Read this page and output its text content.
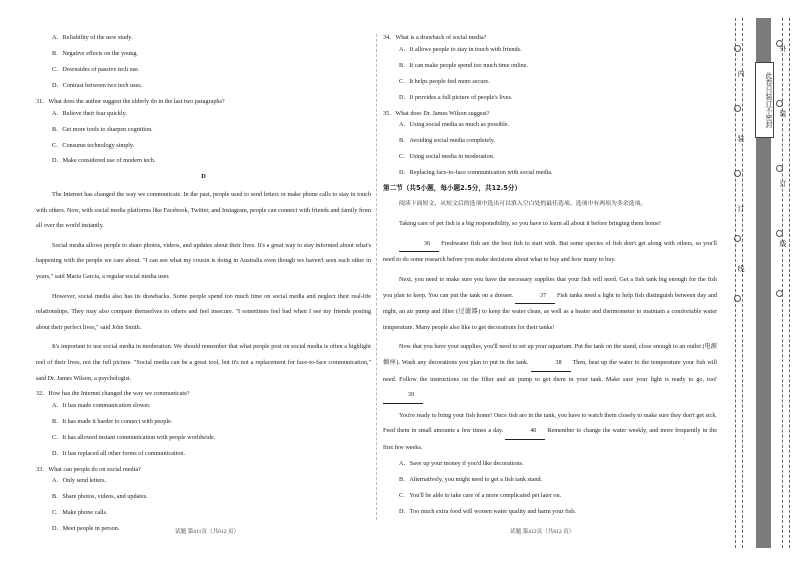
A．Reliability of the new study.
B．Negative effects on the young.
C．Downsides of passive tech use.
D．Contrast between two tech uses.
31．What does the author suggest the elderly do in the last two paragraphs?
A．Relieve their fear quickly.
B．Get more tools to sharpen cognition.
C．Consume technology simply.
D．Make considered use of modern tech.
D
The Internet has changed the way we communicate. In the past, people used to send letters or make phone calls to stay in touch with others. Now, with social media platforms like Facebook, Twitter, and Instagram, people can connect with friends and family from all over the world instantly.
Social media allows people to share photos, videos, and updates about their lives. It's a great way to stay informed about what's happening with the people we care about. "I can see what my cousin is doing in Australia even though we haven't seen each other in years," said Maria Garcia, a regular social media user.
However, social media also has its drawbacks. Some people spend too much time on social media and neglect their real-life relationships. They may also compare themselves to others and feel insecure. "I sometimes feel bad when I see my friends posting about their perfect lives," said John Smith.
It's important to use social media in moderation. We should remember that what people post on social media is often a highlight reel of their lives, not the full picture. "Social media can be a great tool, but it's not a replacement for face-to-face communication," said Dr. James Wilson, a psychologist.
32．How has the Internet changed the way we communicate?
A．It has made communication slower.
B．It has made it harder to connect with people.
C．It has allowed instant communication with people worldwide.
D．It has replaced all other forms of communication.
33．What can people do on social media?
A．Only send letters.
B．Share photos, videos, and updates.
C．Make phone calls.
D．Meet people in person.	试题 第411页（共612 页）
34．What is a drawback of social media?
A．It allows people to stay in touch with friends.
B．It can make people spend too much time online.
C．It helps people feel more secure.
D．It provides a full picture of people's lives.
35．What does Dr. James Wilson suggest?
A．Using social media as much as possible.
B．Avoiding social media completely.
C．Using social media in moderation.
D．Replacing face-to-face communication with social media.
第二节（共5小题，每小题2.5分，共12.5分）
阅读下面短文，从短文后的选项中选出可以填入空白处的最佳选项。选项中有两项为多余选项。
Taking care of pet fish is a big responsibility, so you have to learn all about it before bringing them home!
36 Freshwater fish are the best fish to start with. But some species of fish don't get along with others, so you'll need to do some research before you make decisions about what to buy and how many to buy.
Next, you need to make sure you have the necessary supplies that your fish will need. Get a fish tank big enough for the fish you plan to keep. You can put the tank on a dresser.	37 Fish tanks need a light to help fish distinguish between day and night, an air pump and filter (过滤器) to keep the water clean, as well as a heater and thermometer to maintain a comfortable water temperature. Many people also like to get decorations for their tanks!
Now that you have your supplies, you'll need to set up your aquarium. Put the tank on the stand, close enough to an outlet (电源插座). Wash any decorations you plan to put in the tank.	38 Then, heat up the water to the temperature your fish will need. Follow the instructions on the filter and air pump to get them in your tank. Make sure your light is ready to go, too! 39
You're ready to bring your fish home! Once fish are in the tank, you have to watch them closely to make sure they don't get sick. Feed them in small amounts a few times a day.	40 Remember to change the water weekly, and more frequently in the first few weeks.
A．Save up your money if you'd like decorations.
B．Alternatively, you might need to get a fish tank stand.
C．You'll be able to take care of a more complicated pet later on.
D．Too much extra food will worsen water quality and harm your fish.
试题 第412页（共612 页）
此卷只装订不密封
内
装
订
线
外
装
订
线
